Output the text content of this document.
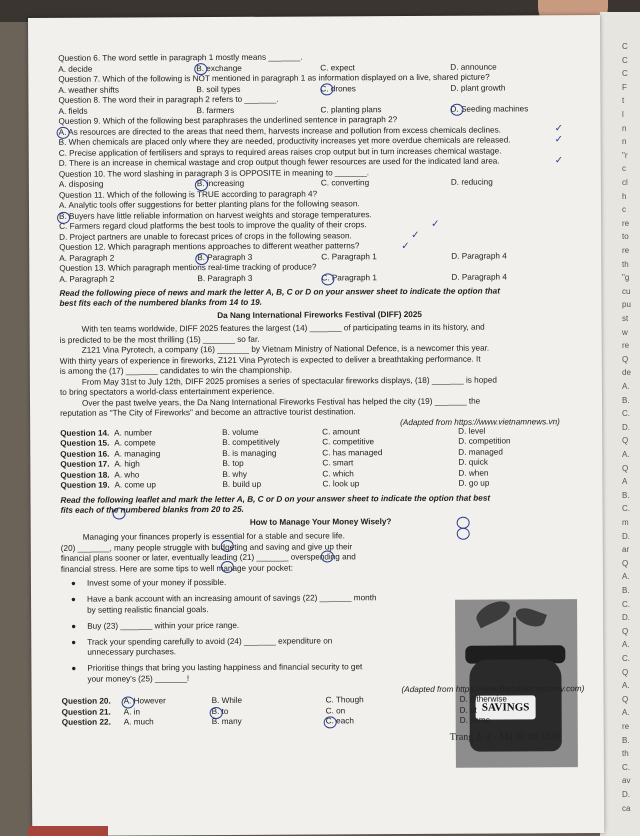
C
C
C
F
t
l
n
n
"r
c
cl
h
c
re
to
re
th
"g
cu
pu
st
w
re
Q
de
A.
B.
C.
D.
Q
A.
Q
A
B.
C.
m
D.
ar
Q
A.
B.
C.
D.
Q
A.
C.
Q
A.
Q
A.
re
B.
th
C.
av
D.
ca
Question 6. The word settle in paragraph 1 mostly means _______.
A. decide	B. exchange	C. expect	D. announce
Question 7. Which of the following is NOT mentioned in paragraph 1 as information displayed on a live, shared picture?
A. weather shifts	B. soil types	C. drones	D. plant growth
Question 8. The word their in paragraph 2 refers to _______.
A. fields	B. farmers	C. planting plans	D. Seeding machines
Question 9. Which of the following best paraphrases the underlined sentence in paragraph 2?
A. As resources are directed to the areas that need them, harvests increase and pollution from excess chemicals declines.
B. When chemicals are placed only where they are needed, productivity increases yet more overdue chemicals are released.
C. Precise application of fertilisers and sprays to required areas raises crop output but in turn increases chemical wastage.
D. There is an increase in chemical wastage and crop output though fewer resources are used for the indicated land area.
✓
✓
✓
Question 10. The word slashing in paragraph 3 is OPPOSITE in meaning to _______.
A. disposing	B. increasing	C. converting	D. reducing
Question 11. Which of the following is TRUE according to paragraph 4?
A. Analytic tools offer suggestions for better planting plans for the following season.
B. Buyers have little reliable information on harvest weights and storage temperatures.
C. Farmers regard cloud platforms the best tools to improve the quality of their crops.
D. Project partners are unable to forecast prices of crops in the following season.
✓
✓
✓
Question 12. Which paragraph mentions approaches to different weather patterns?
A. Paragraph 2	B. Paragraph 3	C. Paragraph 1	D. Paragraph 4
Question 13. Which paragraph mentions real-time tracking of produce?
A. Paragraph 2	B. Paragraph 3	C. Paragraph 1	D. Paragraph 4
Read the following piece of news and mark the letter A, B, C or D on your answer sheet to indicate the option that
best fits each of the numbered blanks from 14 to 19.
Da Nang International Fireworks Festival (DIFF) 2025
With ten teams worldwide, DIFF 2025 features the largest (14) _______ of participating teams in its history, and
is predicted to be the most thrilling (15) _______ so far.
Z121 Vina Pyrotech, a company (16) _______ by Vietnam Ministry of National Defence, is a newcomer this year.
With thirty years of experience in fireworks, Z121 Vina Pyrotech is expected to deliver a breathtaking performance. It
is among the (17) _______ candidates to win the championship.
From May 31st to July 12th, DIFF 2025 promises a series of spectacular fireworks displays, (18) _______ is hoped
to bring spectators a world-class entertainment experience.
Over the past twelve years, the Da Nang International Fireworks Festival has helped the city (19) _______ the
reputation as "The City of Fireworks" and become an attractive tourist destination.
(Adapted from https://www.vietnamnews.vn)
Question 14. A. number	B. volume	C. amount	D. level
Question 15. A. compete	B. competitively	C. competitive	D. competition
Question 16. A. managing	B. is managing	C. has managed	D. managed
Question 17. A. high	B. top	C. smart	D. quick
Question 18. A. who	B. why	C. which	D. when
Question 19. A. come up	B. build up	C. look up	D. go up
Read the following leaflet and mark the letter A, B, C or D on your answer sheet to indicate the option that best
fits each of the numbered blanks from 20 to 25.
How to Manage Your Money Wisely?
Managing your finances properly is essential for a stable and secure life.
(20) _______, many people struggle with budgeting and saving and give up their
financial plans sooner or later, eventually leading (21) _______ overspending and
financial stress. Here are some tips to well manage your pocket:
Invest some of your money if possible.
●
Have a bank account with an increasing amount of savings (22) _______ month
●
by setting realistic financial goals.
Buy (23) _______ within your price range.
●
Track your spending carefully to avoid (24) _______ expenditure on
●
unnecessary purchases.
Prioritise things that bring you lasting happiness and financial security to get
●
your money's (25) _______!
SAVINGS
(Adapted from https://www.thebalancemoney.com)
Question 20. A. However	B. While	C. Though	D. Otherwise
Question 21. A. in	B. to	C. on	D. at
Question 22. A. much	B. many	C. each	D. some
Trang 2/ 4 - Mã đề thi 1128
